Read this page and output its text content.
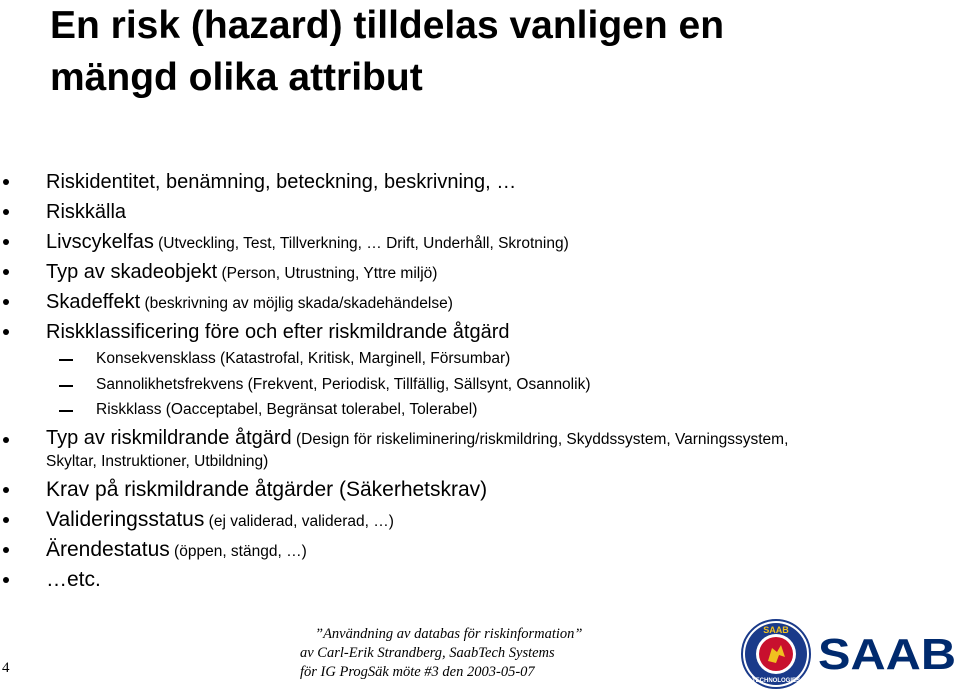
En risk (hazard) tilldelas vanligen en
mängd olika attribut
Riskidentitet, benämning, beteckning, beskrivning, …
Riskkälla
Livscykelfas (Utveckling, Test, Tillverkning, … Drift, Underhåll, Skrotning)
Typ av skadeobjekt (Person, Utrustning, Yttre miljö)
Skadeffekt (beskrivning av möjlig skada/skadehändelse)
Riskklassificering före och efter riskmildrande åtgärd
Konsekvensklass (Katastrofal, Kritisk, Marginell, Försumbar)
Sannolikhetsfrekvens (Frekvent, Periodisk, Tillfällig, Sällsynt, Osannolik)
Riskklass (Oacceptabel, Begränsat tolerabel, Tolerabel)
Typ av riskmildrande åtgärd (Design för riskeliminering/riskmildring, Skyddssystem, Varningssystem,
Skyltar, Instruktioner, Utbildning)
Krav på riskmildrande åtgärder (Säkerhetskrav)
Valideringsstatus (ej validerad, validerad, …)
Ärendestatus (öppen, stängd, …)
…etc.
4
”Användning av databas för riskinformation”
av Carl-Erik Strandberg, SaabTech Systems
för IG ProgSäk möte #3 den 2003-05-07
SAAB
TECHNOLOGIES
SAAB
